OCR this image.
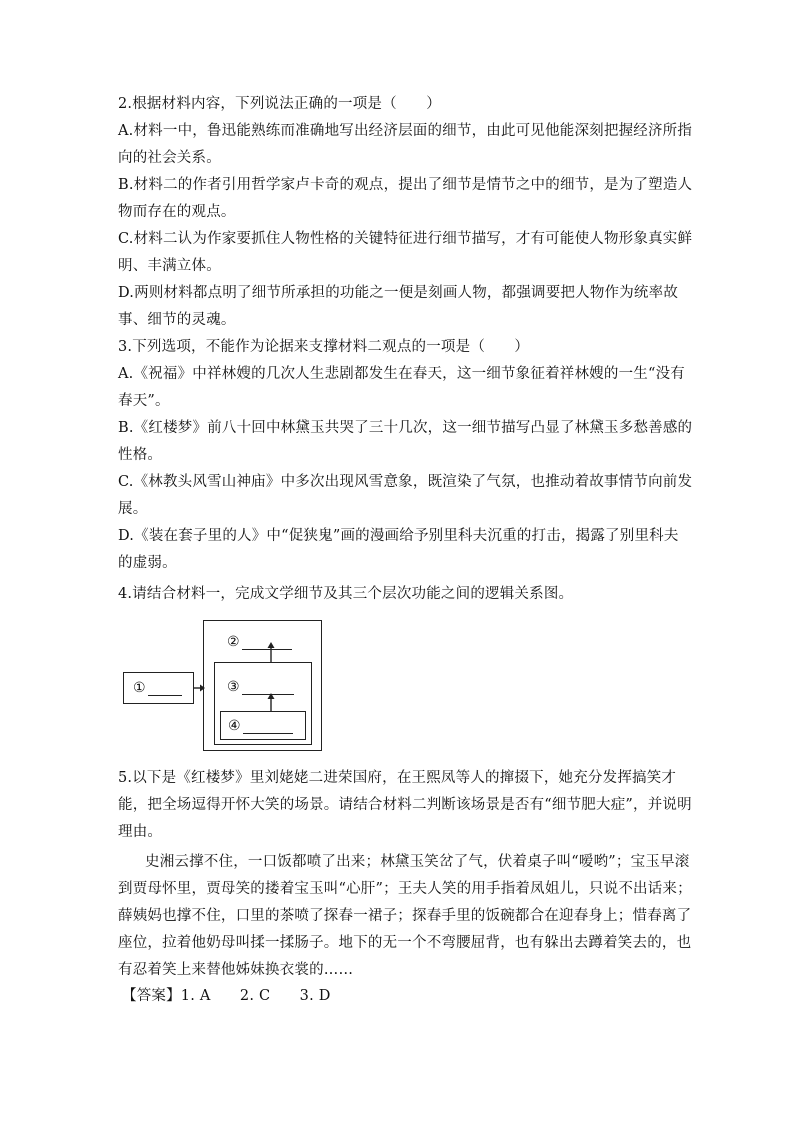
2.根据材料内容，下列说法正确的一项是（　　）
A.材料一中，鲁迅能熟练而准确地写出经济层面的细节，由此可见他能深刻把握经济所指
向的社会关系。
B.材料二的作者引用哲学家卢卡奇的观点，提出了细节是情节之中的细节，是为了塑造人
物而存在的观点。
C.材料二认为作家要抓住人物性格的关键特征进行细节描写，才有可能使人物形象真实鲜
明、丰满立体。
D.两则材料都点明了细节所承担的功能之一便是刻画人物，都强调要把人物作为统率故
事、细节的灵魂。
3.下列选项，不能作为论据来支撑材料二观点的一项是（　　）
A.《祝福》中祥林嫂的几次人生悲剧都发生在春天，这一细节象征着祥林嫂的一生“没有
春天”。
B.《红楼梦》前八十回中林黛玉共哭了三十几次，这一细节描写凸显了林黛玉多愁善感的
性格。
C.《林教头风雪山神庙》中多次出现风雪意象，既渲染了气氛，也推动着故事情节向前发
展。
D.《装在套子里的人》中“促狭鬼”画的漫画给予别里科夫沉重的打击，揭露了别里科夫
的虚弱。
4.请结合材料一，完成文学细节及其三个层次功能之间的逻辑关系图。
①
②
③
④
5.以下是《红楼梦》里刘姥姥二进荣国府，在王熙凤等人的撺掇下，她充分发挥搞笑才
能，把全场逗得开怀大笑的场景。请结合材料二判断该场景是否有“细节肥大症”，并说明
理由。
史湘云撑不住，一口饭都喷了出来；林黛玉笑岔了气，伏着桌子叫“嗳哟”；宝玉早滚
到贾母怀里，贾母笑的搂着宝玉叫“心肝”；王夫人笑的用手指着凤姐儿，只说不出话来；
薛姨妈也撑不住，口里的茶喷了探春一裙子；探春手里的饭碗都合在迎春身上；惜春离了
座位，拉着他奶母叫揉一揉肠子。地下的无一个不弯腰屈背，也有躲出去蹲着笑去的，也
有忍着笑上来替他姊妹换衣裳的……
【答案】1. A　　2. C　　3. D
